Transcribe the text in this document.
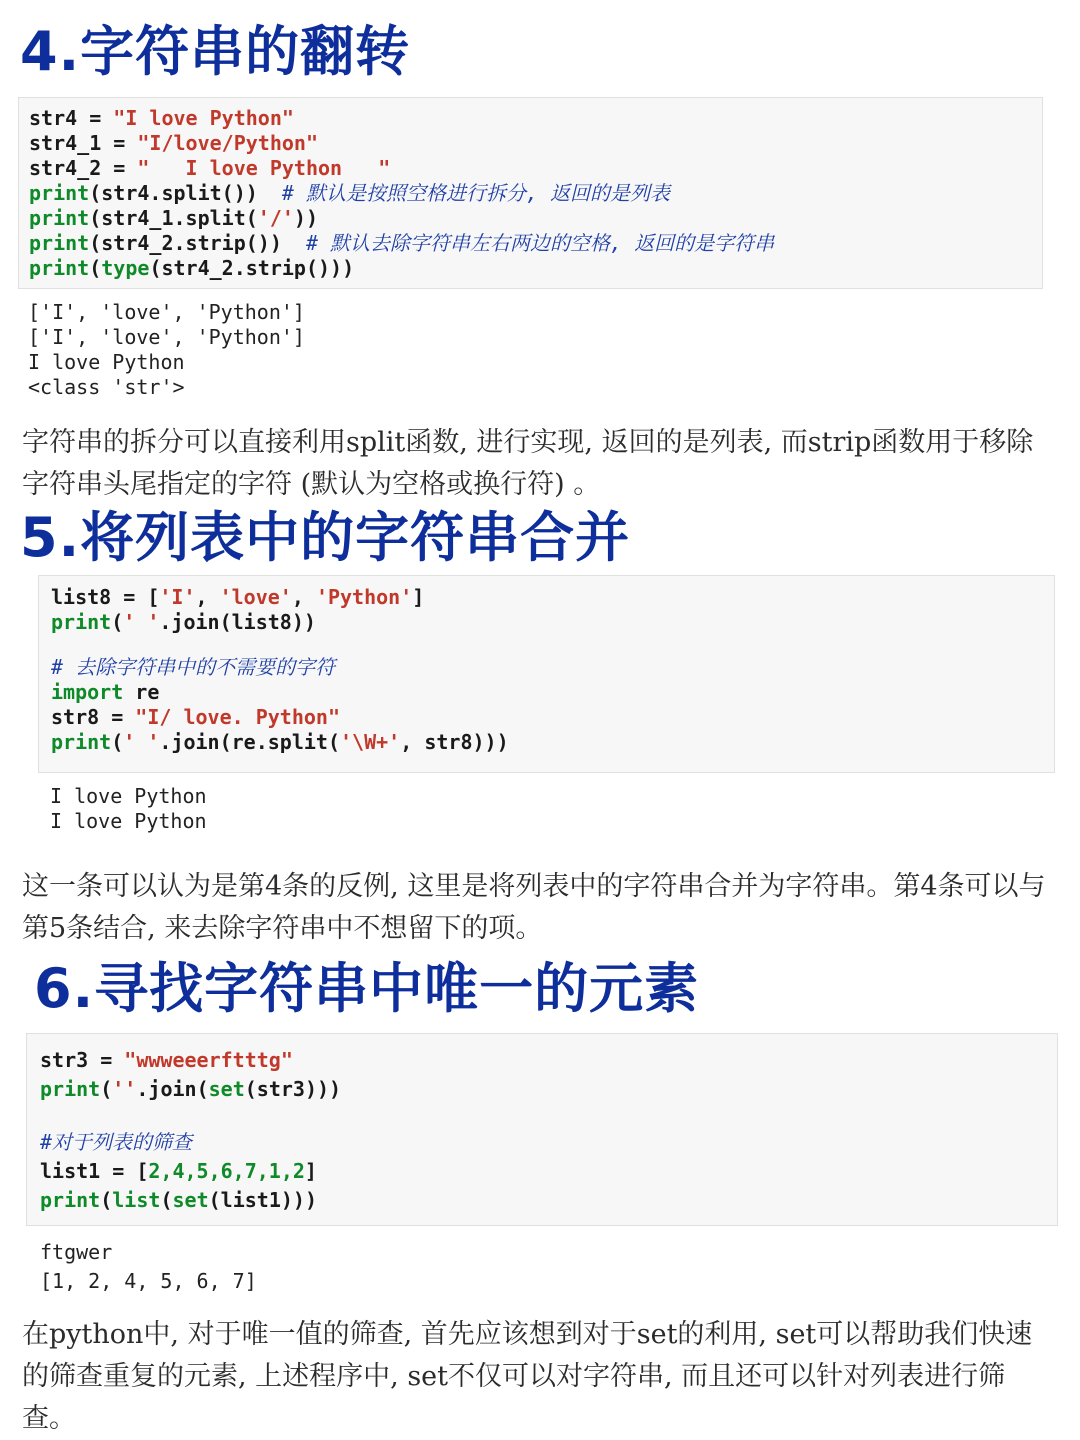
4.字符串的翻转
str4 = "I love Python"
str4_1 = "I/love/Python"
str4_2 = "   I love Python   "
print(str4.split())  # 默认是按照空格进行拆分, 返回的是列表
print(str4_1.split('/'))
print(str4_2.strip())  # 默认去除字符串左右两边的空格, 返回的是字符串
print(type(str4_2.strip()))
['I', 'love', 'Python']
['I', 'love', 'Python']
I love Python
<class 'str'>

字符串的拆分可以直接利用split函数, 进行实现, 返回的是列表, 而strip函数用于移除字符串头尾指定的字符 (默认为空格或换行符) 。

5.将列表中的字符串合并
list8 = ['I', 'love', 'Python']
print(' '.join(list8))
# 去除字符串中的不需要的字符
import re
str8 = "I/ love. Python"
print(' '.join(re.split('\W+', str8)))
I love Python
I love Python

这一条可以认为是第4条的反例, 这里是将列表中的字符串合并为字符串。第4条可以与第5条结合, 来去除字符串中不想留下的项。

6.寻找字符串中唯一的元素
str3 = "wwweeerftttg"
print(''.join(set(str3)))
#对于列表的筛查
list1 = [2,4,5,6,7,1,2]
print(list(set(list1)))
ftgwer
[1, 2, 4, 5, 6, 7]

在python中, 对于唯一值的筛查, 首先应该想到对于set的利用, set可以帮助我们快速的筛查重复的元素, 上述程序中, set不仅可以对字符串, 而且还可以针对列表进行筛查。
